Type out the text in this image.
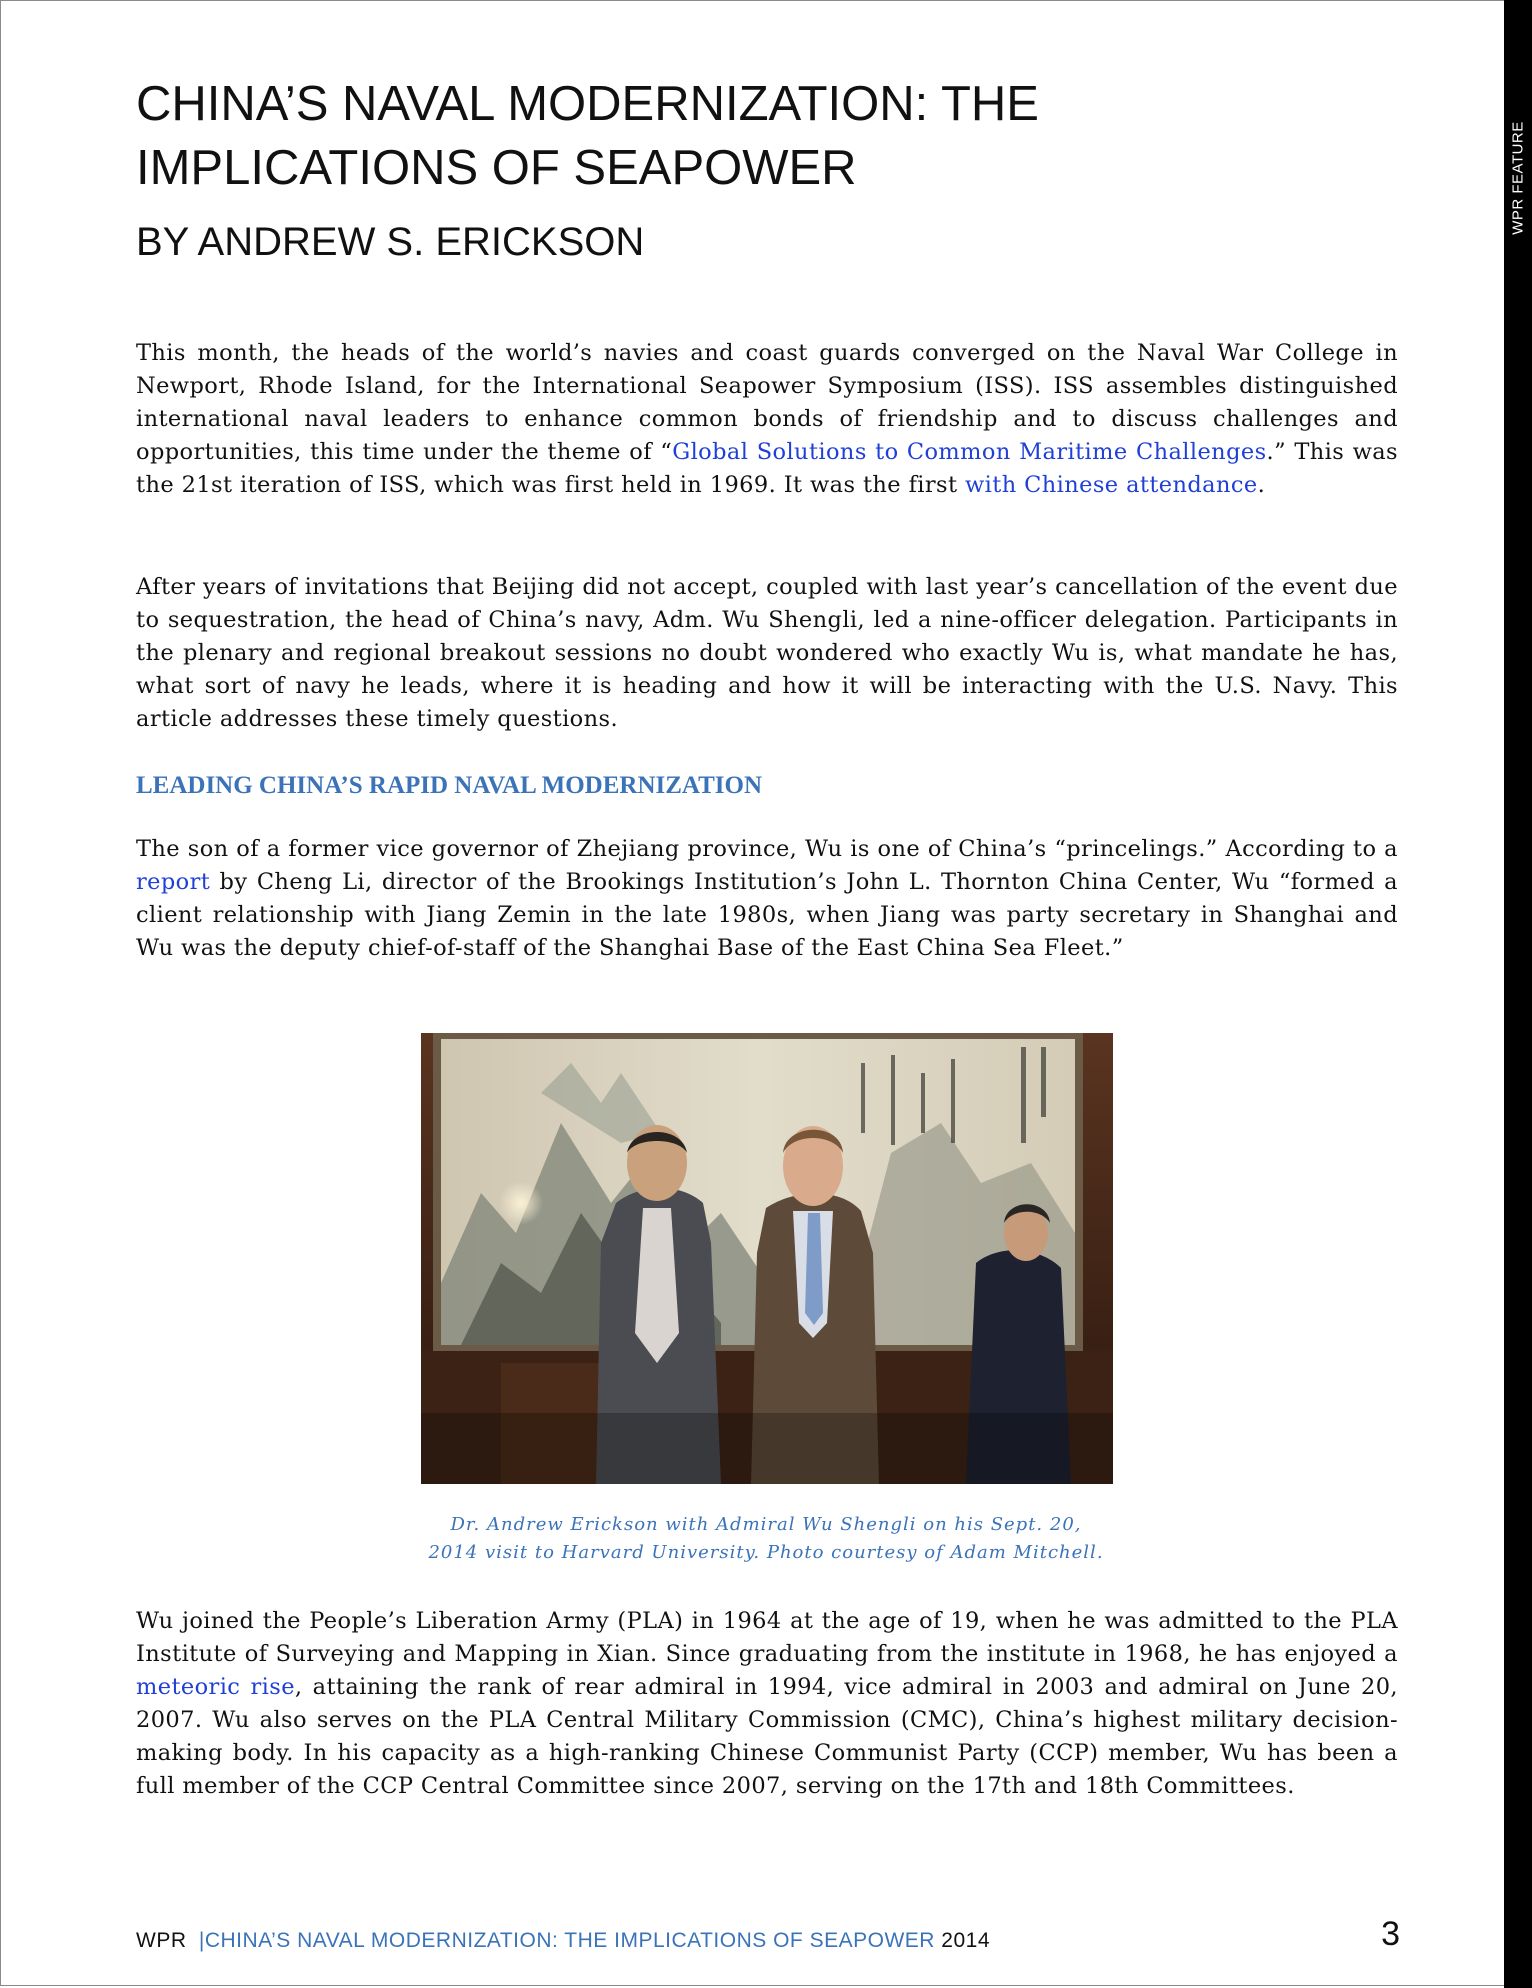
WPR FEATURE
CHINA’S NAVAL MODERNIZATION: THE IMPLICATIONS OF SEAPOWER
BY ANDREW S. ERICKSON

This month, the heads of the world’s navies and coast guards converged on the Naval War College in Newport, Rhode Island, for the International Seapower Symposium (ISS). ISS assembles distinguished international naval leaders to enhance common bonds of friendship and to discuss challenges and opportunities, this time under the theme of “Global Solutions to Common Maritime Challenges.” This was the 21st iteration of ISS, which was first held in 1969. It was the first with Chinese attendance.

After years of invitations that Beijing did not accept, coupled with last year’s cancellation of the event due to sequestration, the head of China’s navy, Adm. Wu Shengli, led a nine-officer delegation. Participants in the plenary and regional breakout sessions no doubt wondered who exactly Wu is, what mandate he has, what sort of navy he leads, where it is heading and how it will be interacting with the U.S. Navy. This article addresses these timely questions.

LEADING CHINA’S RAPID NAVAL MODERNIZATION

The son of a former vice governor of Zhejiang province, Wu is one of China’s “princelings.” According to a report by Cheng Li, director of the Brookings Institution’s John L. Thornton China Center, Wu “formed a client relationship with Jiang Zemin in the late 1980s, when Jiang was party secretary in Shanghai and Wu was the deputy chief-of-staff of the Shanghai Base of the East China Sea Fleet.”

Dr. Andrew Erickson with Admiral Wu Shengli on his Sept. 20,
2014 visit to Harvard University. Photo courtesy of Adam Mitchell.

Wu joined the People’s Liberation Army (PLA) in 1964 at the age of 19, when he was admitted to the PLA Institute of Surveying and Mapping in Xian. Since graduating from the institute in 1968, he has enjoyed a meteoric rise, attaining the rank of rear admiral in 1994, vice admiral in 2003 and admiral on June 20, 2007. Wu also serves on the PLA Central Military Commission (CMC), China’s highest military decision-making body. In his capacity as a high-ranking Chinese Communist Party (CCP) member, Wu has been a full member of the CCP Central Committee since 2007, serving on the 17th and 18th Committees.

WPR |CHINA’S NAVAL MODERNIZATION: THE IMPLICATIONS OF SEAPOWER 2014	3
